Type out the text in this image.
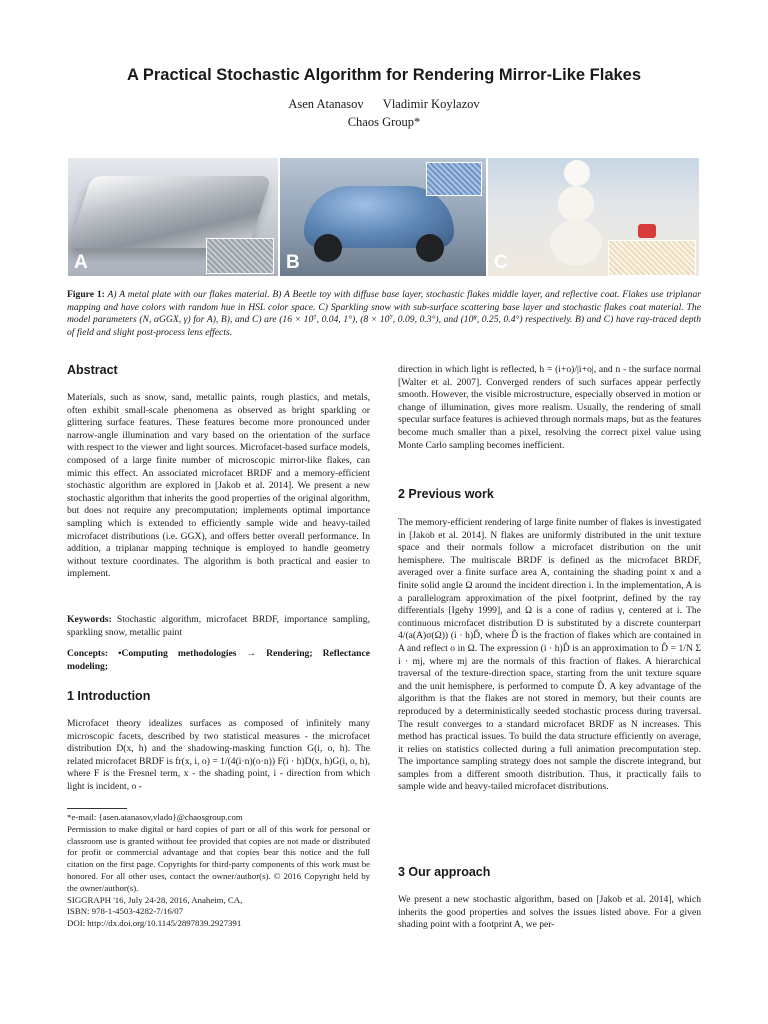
A Practical Stochastic Algorithm for Rendering Mirror-Like Flakes
Asen Atanasov Vladimir Koylazov
Chaos Group*
A	B	C
Figure 1: A) A metal plate with our flakes material. B) A Beetle toy with diffuse base layer, stochastic flakes middle layer, and reflective coat. Flakes use triplanar mapping and have colors with random hue in HSL color space. C) Sparkling snow with sub-surface scattering base layer and stochastic flakes coat material. The model parameters (N, αGGX, γ) for A), B), and C) are (16 × 10⁷, 0.04, 1°), (8 × 10⁷, 0.09, 0.3°), and (10⁸, 0.25, 0.4°) respectively. B) and C) have ray-traced depth of field and slight post-process lens effects.
Abstract

Materials, such as snow, sand, metallic paints, rough plastics, and metals, often exhibit small-scale phenomena as observed as bright sparkling or glittering surface features. These features become more pronounced under narrow-angle illumination and vary based on the orientation of the surface with respect to the viewer and light sources. Microfacet-based surface models, composed of a large finite number of microscopic mirror-like flakes, can mimic this effect. An associated microfacet BRDF and a memory-efficient stochastic algorithm are explored in [Jakob et al. 2014]. We present a new stochastic algorithm that inherits the good properties of the original algorithm, but does not require any precomputation; implements optimal importance sampling which is extended to efficiently sample wide and heavy-tailed microfacet distributions (i.e. GGX), and offers better overall performance. In addition, a triplanar mapping technique is employed to handle geometry without texture coordinates. The algorithm is both practical and easier to implement.

Keywords: Stochastic algorithm, microfacet BRDF, importance sampling, sparkling snow, metallic paint

Concepts: •Computing methodologies → Rendering; Reflectance modeling;

1 Introduction

Microfacet theory idealizes surfaces as composed of infinitely many microscopic facets, described by two statistical measures - the microfacet distribution D(x, h) and the shadowing-masking function G(i, o, h). The related microfacet BRDF is fr(x, i, o) = 1/(4(i·n)(o·n)) F(i · h)D(x, h)G(i, o, h), where F is the Fresnel term, x - the shading point, i - direction from which light is incident, o -

*e-mail: {asen.atanasov,vlado}@chaosgroup.com
Permission to make digital or hard copies of part or all of this work for personal or classroom use is granted without fee provided that copies are not made or distributed for profit or commercial advantage and that copies bear this notice and the full citation on the first page. Copyrights for third-party components of this work must be honored. For all other uses, contact the owner/author(s). © 2016 Copyright held by the owner/author(s).
SIGGRAPH '16, July 24-28, 2016, Anaheim, CA,
ISBN: 978-1-4503-4282-7/16/07
DOI: http://dx.doi.org/10.1145/2897839.2927391

direction in which light is reflected, h = (i+o)/|i+o|, and n - the surface normal [Walter et al. 2007]. Converged renders of such surfaces appear perfectly smooth. However, the visible microstructure, especially observed in motion or change of illumination, gives more realism. Usually, the rendering of small specular surface features is achieved through normals maps, but as the features become much smaller than a pixel, resolving the correct pixel value using Monte Carlo sampling becomes inefficient.

2 Previous work

The memory-efficient rendering of large finite number of flakes is investigated in [Jakob et al. 2014]. N flakes are uniformly distributed in the unit texture space and their normals follow a microfacet distribution on the unit hemisphere. The multiscale BRDF is defined as the microfacet BRDF, averaged over a finite surface area A, containing the shading point x and a finite solid angle Ω around the incident direction i. In the implementation, A is a parallelogram approximation of the pixel footprint, defined by the ray differentials [Igehy 1999], and Ω is a cone of radius γ, centered at i. The continuous microfacet distribution D is substituted by a discrete counterpart 4/(a(A)σ(Ω)) (i · h)D̂, where D̂ is the fraction of flakes which are contained in A and reflect o in Ω. The expression (i · h)D̂ is an approximation to D̂ = 1/N Σ i · mj, where mj are the normals of this fraction of flakes. A hierarchical traversal of the texture-direction space, starting from the unit texture square and the unit hemisphere, is performed to compute D̂. A key advantage of the algorithm is that the flakes are not stored in memory, but their counts are reproduced by a deterministically seeded stochastic process during traversal. The result converges to a standard microfacet BRDF as N increases. This method has practical issues. To build the data structure efficiently on average, it relies on statistics collected during a full animation precomputation step. The importance sampling strategy does not sample the discrete integrand, but samples from a different smooth distribution. Thus, it practically fails to sample wide and heavy-tailed microfacet distributions.

3 Our approach

We present a new stochastic algorithm, based on [Jakob et al. 2014], which inherits the good properties and solves the issues listed above. For a given shading point with a footprint A, we per-
